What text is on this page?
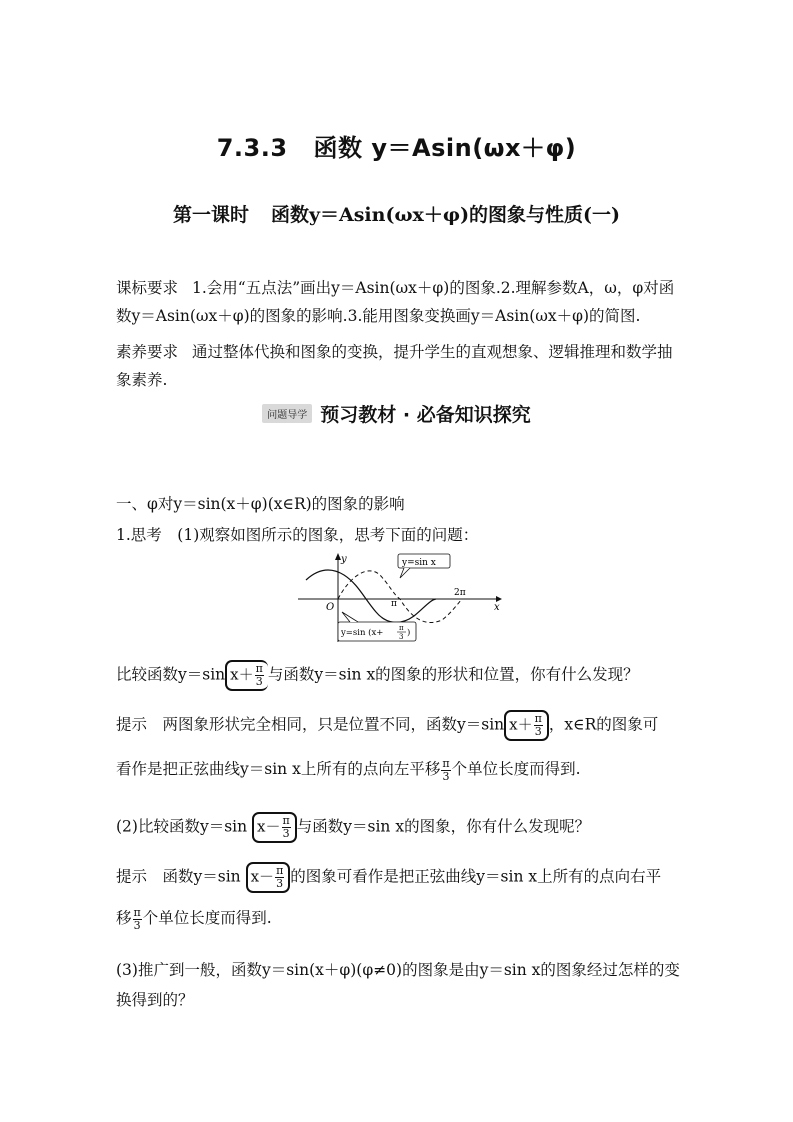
7.3.3 函数 y＝Asin(ωx＋φ)
第一课时 函数y＝Asin(ωx＋φ)的图象与性质(一)
课标要求 1.会用“五点法”画出y＝Asin(ωx＋φ)的图象.2.理解参数A，ω，φ对函数y＝Asin(ωx＋φ)的图象的影响.3.能用图象变换画y＝Asin(ωx＋φ)的简图.
素养要求 通过整体代换和图象的变换，提升学生的直观想象、逻辑推理和数学抽象素养.
问题导学 预习教材 · 必备知识探究
一、φ对y＝sin(x＋φ)(x∈R)的图象的影响
1.思考　(1)观察如图所示的图象，思考下面的问题：
y
x
O	π
2π
y=sin x
y=sin (x+ π
3 )
比较函数y＝sin $x+ \frac{\pi}{3}$ 与函数y＝sin x的图象的形状和位置，你有什么发现？
提示　两图象形状完全相同，只是位置不同，函数y＝sin $x+ \frac{\pi}{3}$ ，x∈R的图象可
看作是把正弦曲线y＝sin x上所有的点向左平移 $\frac{\pi}{3}$ 个单位长度而得到.
(2)比较函数y＝sin $x- \frac{\pi}{3}$ 与函数y＝sin x的图象，你有什么发现呢？
提示　函数y＝sin $x- \frac{\pi}{3}$ 的图象可看作是把正弦曲线y＝sin x上所有的点向右平
移 $\frac{\pi}{3}$ 个单位长度而得到.
(3)推广到一般，函数y＝sin(x＋φ)(φ≠0)的图象是由y＝sin x的图象经过怎样的变
换得到的？
